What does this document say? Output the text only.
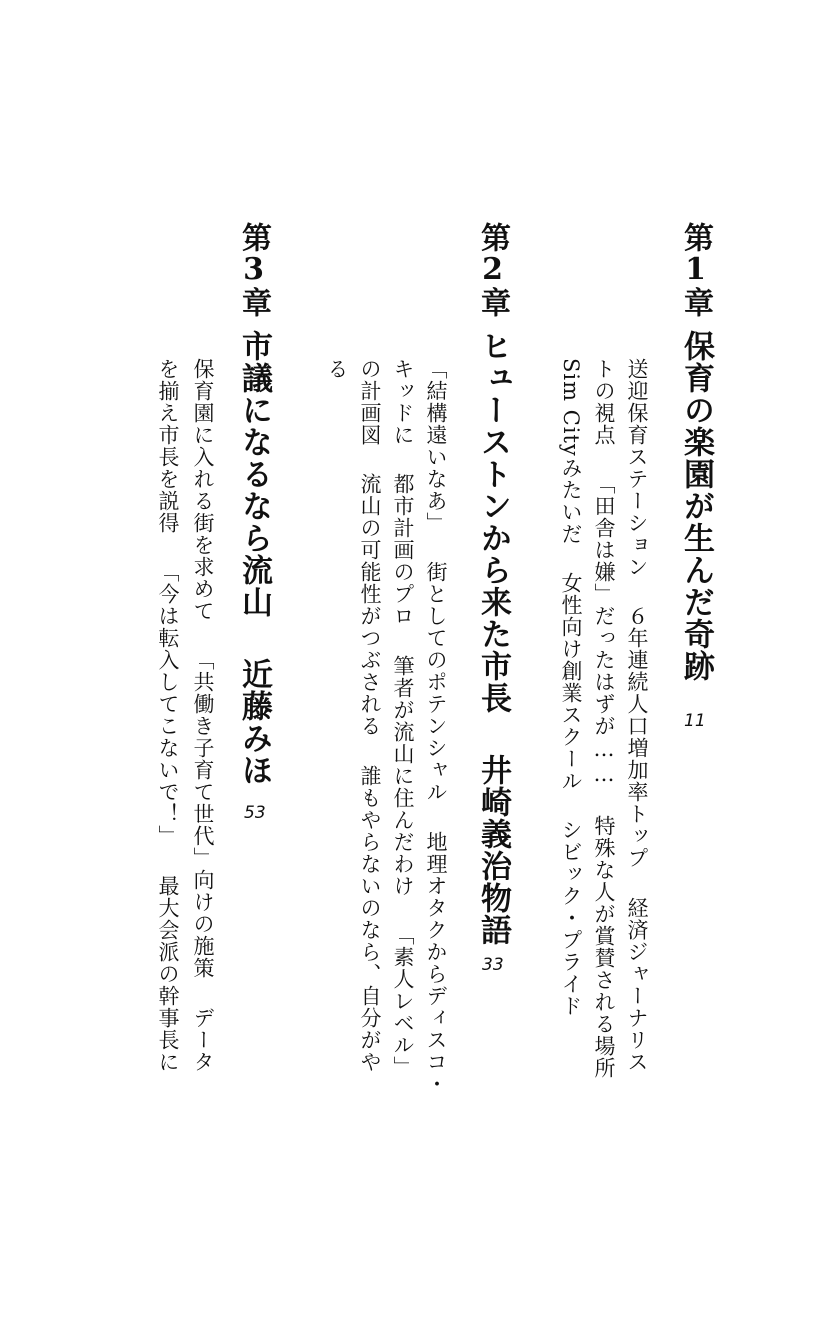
第1章
保育の楽園が生んだ奇跡
11
送迎保育ステーション６年連続人口増加率トップ経済ジャーナリス
トの視点「田舎は嫌」だったはずが……特殊な人が賞賛される場所
Sim Cityみたいだ女性向け創業スクールシビック・プライド
第2章
ヒューストンから来た市長井崎義治物語
33
「結構遠いなあ」街としてのポテンシャル地理オタクからディスコ・
キッドに都市計画のプロ筆者が流山に住んだわけ「素人レベル」
の計画図流山の可能性がつぶされる誰もやらないのなら、自分がや
る
第3章
市議になるなら流山近藤みほ
53
保育園に入れる街を求めて「共働き子育て世代」向けの施策データ
を揃え市長を説得「今は転入してこないで！」最大会派の幹事長に
